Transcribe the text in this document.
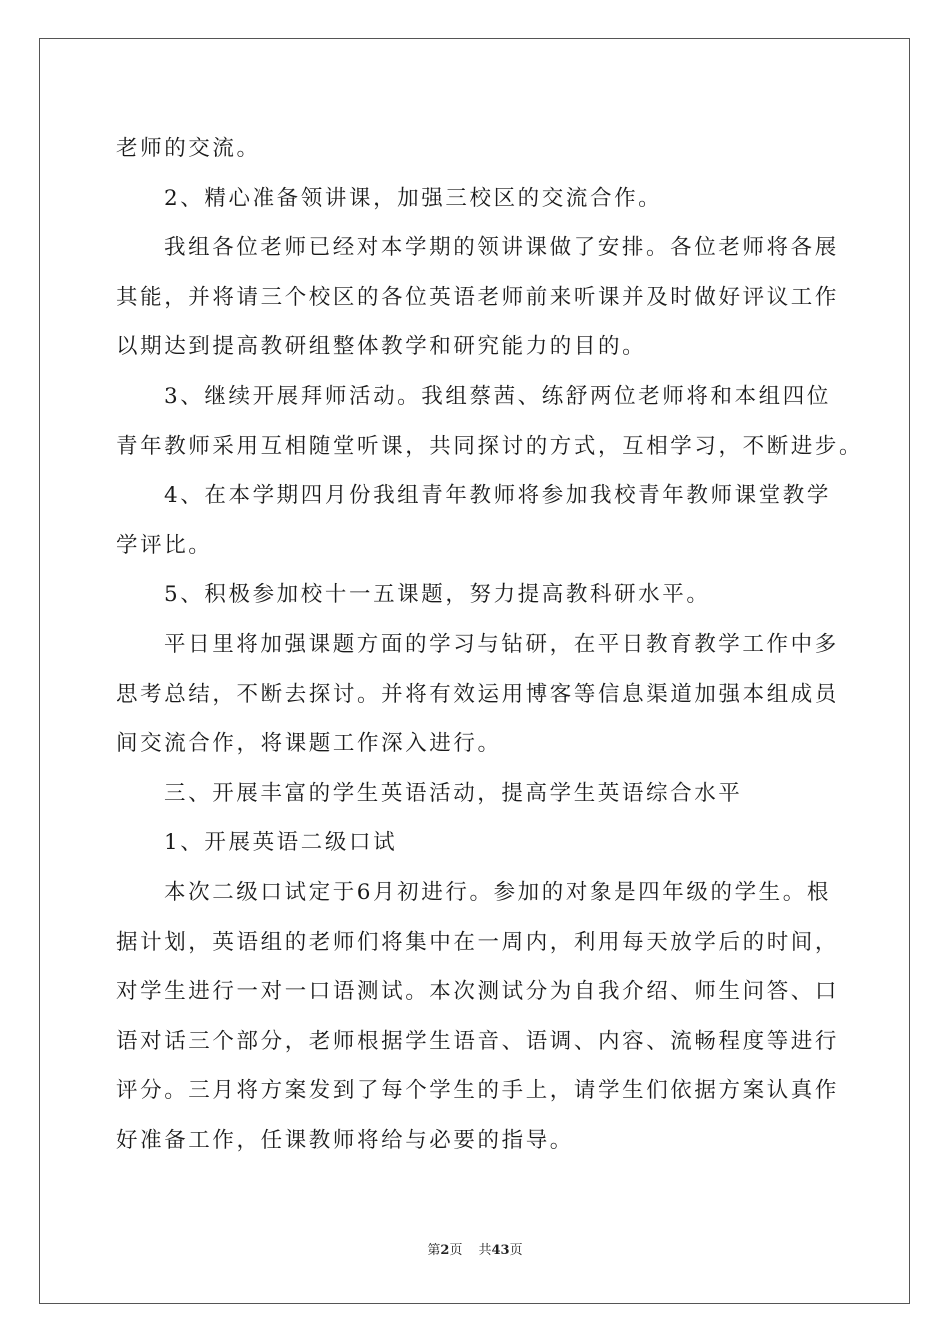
老师的交流。
2、精心准备领讲课，加强三校区的交流合作。
我组各位老师已经对本学期的领讲课做了安排。各位老师将各展
其能，并将请三个校区的各位英语老师前来听课并及时做好评议工作
以期达到提高教研组整体教学和研究能力的目的。
3、继续开展拜师活动。我组蔡茜、练舒两位老师将和本组四位
青年教师采用互相随堂听课，共同探讨的方式，互相学习，不断进步。
4、在本学期四月份我组青年教师将参加我校青年教师课堂教学
学评比。
5、积极参加校十一五课题，努力提高教科研水平。
平日里将加强课题方面的学习与钻研，在平日教育教学工作中多
思考总结，不断去探讨。并将有效运用博客等信息渠道加强本组成员
间交流合作，将课题工作深入进行。
三、开展丰富的学生英语活动，提高学生英语综合水平
1、开展英语二级口试
本次二级口试定于6月初进行。参加的对象是四年级的学生。根
据计划，英语组的老师们将集中在一周内，利用每天放学后的时间，
对学生进行一对一口语测试。本次测试分为自我介绍、师生问答、口
语对话三个部分，老师根据学生语音、语调、内容、流畅程度等进行
评分。三月将方案发到了每个学生的手上，请学生们依据方案认真作
好准备工作，任课教师将给与必要的指导。
第2页 共43页
